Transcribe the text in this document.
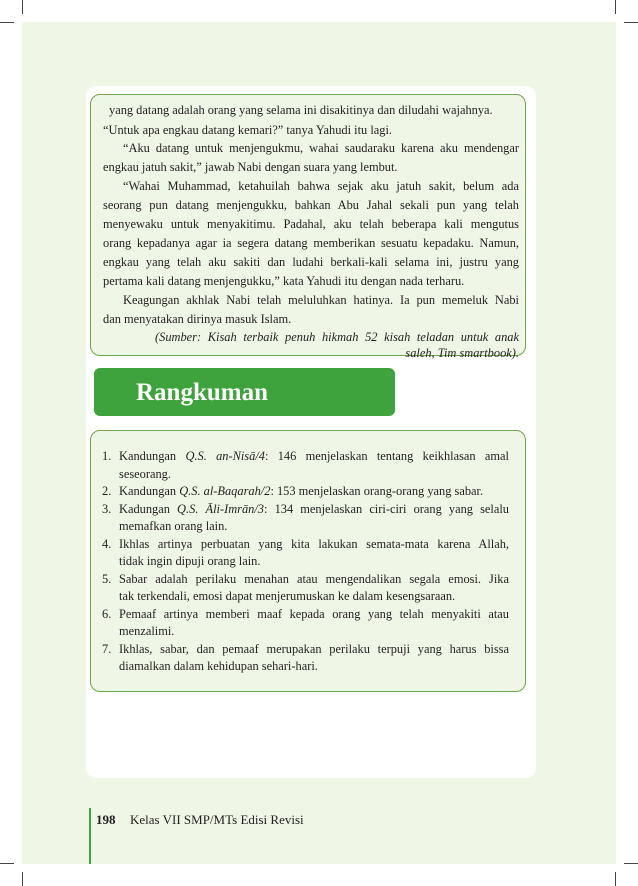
yang datang adalah orang yang selama ini disakitinya dan diludahi wajahnya.
“Untuk apa engkau datang kemari?” tanya Yahudi itu lagi.
“Aku datang untuk menjengukmu, wahai saudaraku karena aku mendengar
engkau jatuh sakit,” jawab Nabi dengan suara yang lembut.
“Wahai Muhammad, ketahuilah bahwa sejak aku jatuh sakit, belum ada
seorang pun datang menjengukku, bahkan Abu Jahal sekali pun yang telah
menyewaku untuk menyakitimu. Padahal, aku telah beberapa kali mengutus
orang kepadanya agar ia segera datang memberikan sesuatu kepadaku. Namun,
engkau yang telah aku sakiti dan ludahi berkali-kali selama ini, justru yang
pertama kali datang menjengukku,” kata Yahudi itu dengan nada terharu.
Keagungan akhlak Nabi telah meluluhkan hatinya. Ia pun memeluk Nabi
dan menyatakan dirinya masuk Islam.
(Sumber: Kisah terbaik penuh hikmah 52 kisah teladan untuk anak
saleh, Tim smartbook).
Rangkuman
1. Kandungan Q.S. an-Nisā/4: 146 menjelaskan tentang keikhlasan amal
seseorang.
2. Kandungan Q.S. al-Baqarah/2: 153 menjelaskan orang-orang yang sabar.
3. Kadungan Q.S. Āli-Imrān/3: 134 menjelaskan ciri-ciri orang yang selalu
memafkan orang lain.
4. Ikhlas artinya perbuatan yang kita lakukan semata-mata karena Allah,
tidak ingin dipuji orang lain.
5. Sabar adalah perilaku menahan atau mengendalikan segala emosi. Jika
tak terkendali, emosi dapat menjerumuskan ke dalam kesengsaraan.
6. Pemaaf artinya memberi maaf kepada orang yang telah menyakiti atau
menzalimi.
7. Ikhlas, sabar, dan pemaaf merupakan perilaku terpuji yang harus bissa
diamalkan dalam kehidupan sehari-hari.
198 Kelas VII SMP/MTs Edisi Revisi
